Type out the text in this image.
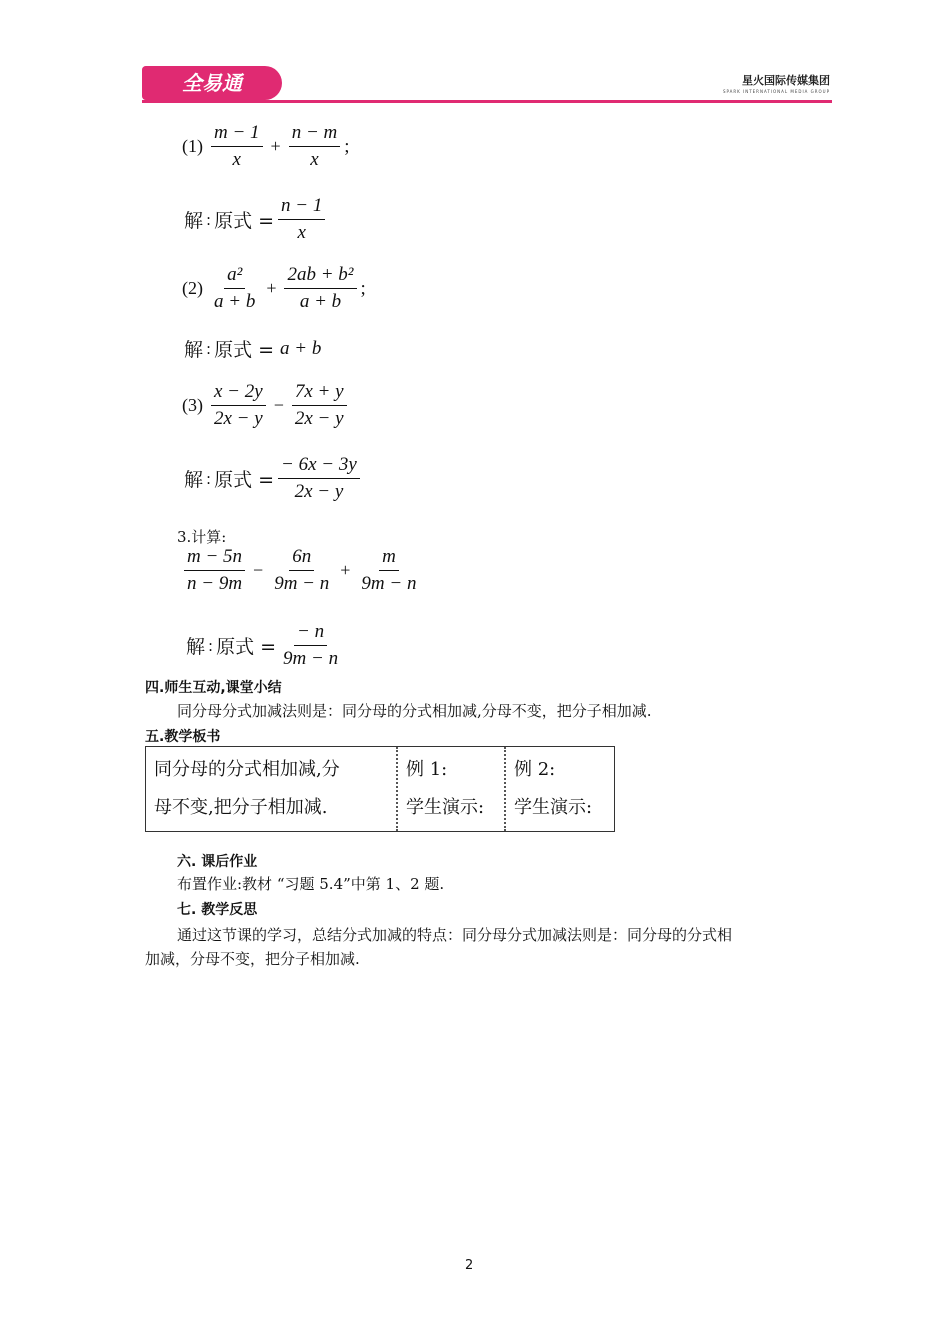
全易通	星火国际传媒集团
SPARK INTERNATIONAL MEDIA GROUP
$(1) \frac{m - 1}{x} + \frac{n - m}{x}$ ;
解 : 原式 = $\frac{n - 1}{x}$
$(2) \frac{\text{a²}}{a + b} + \frac{\text{2ab + b²}}{a + b}$ ;
解 : 原式 = a + b
$(3) \frac{x - 2y}{2x - y} - \frac{7x + y}{2x - y}$
解 : 原式 = $\frac{- 6x - 3y}{2x - y}$
3.计算:
$\frac{m - 5n}{n - 9m} - \frac{6n}{9m - n} + \frac{m}{9m - n}$
解 : 原式 = $\frac{- n}{9m - n}$
四.师生互动,课堂小结
同分母分式加减法则是：同分母的分式相加减,分母不变，把分子相加减.
五.教学板书
同分母的分式相加减,分
母不变,把分子相加减.
例 1:
学生演示:
例 2:
学生演示:
六. 课后作业
布置作业:教材 “习题 5.4”中第 1、2 题.
七. 教学反思
通过这节课的学习，总结分式加减的特点：同分母分式加减法则是：同分母的分式相
加减，分母不变，把分子相加减.
2
